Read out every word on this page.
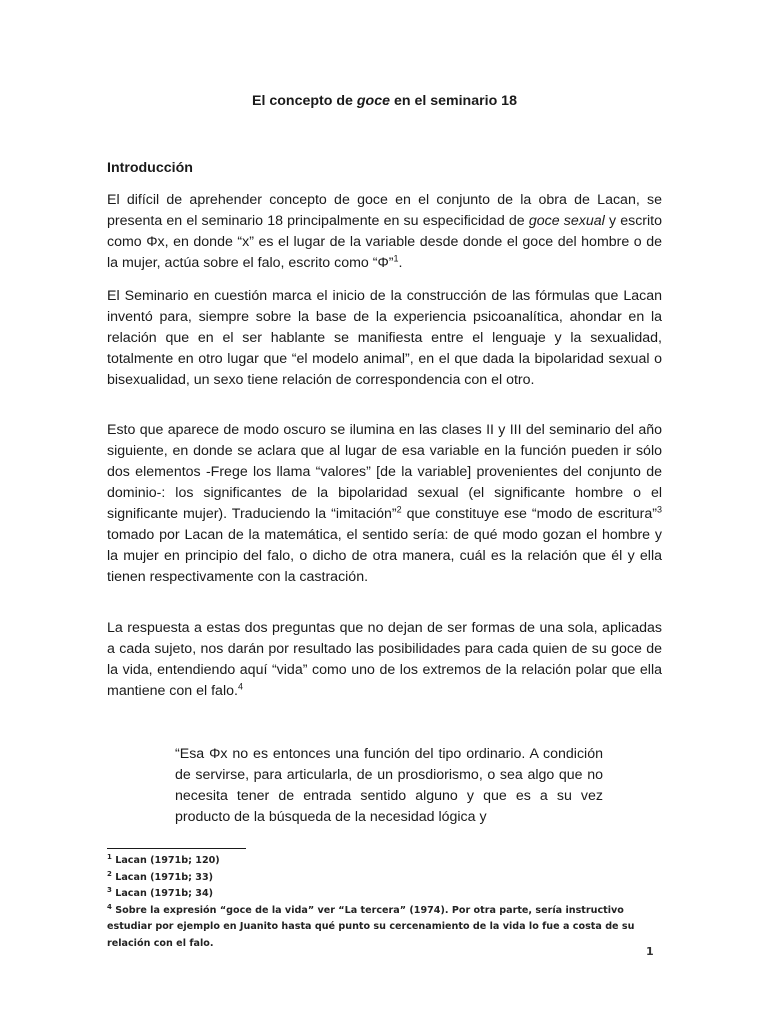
El concepto de goce en el seminario 18
Introducción

El difícil de aprehender concepto de goce en el conjunto de la obra de Lacan, se presenta en el seminario 18 principalmente en su especificidad de goce sexual y escrito como Φx, en donde “x” es el lugar de la variable desde donde el goce del hombre o de la mujer, actúa sobre el falo, escrito como “Φ”$^1$.

El Seminario en cuestión marca el inicio de la construcción de las fórmulas que Lacan inventó para, siempre sobre la base de la experiencia psicoanalítica, ahondar en la relación que en el ser hablante se manifiesta entre el lenguaje y la sexualidad, totalmente en otro lugar que “el modelo animal”, en el que dada la bipolaridad sexual o bisexualidad, un sexo tiene relación de correspondencia con el otro.

Esto que aparece de modo oscuro se ilumina en las clases II y III del seminario del año siguiente, en donde se aclara que al lugar de esa variable en la función pueden ir sólo dos elementos -Frege los llama “valores” [de la variable] provenientes del conjunto de dominio-: los significantes de la bipolaridad sexual (el significante hombre o el significante mujer). Traduciendo la “imitación”$^2$ que constituye ese “modo de escritura”$^3$ tomado por Lacan de la matemática, el sentido sería: de qué modo gozan el hombre y la mujer en principio del falo, o dicho de otra manera, cuál es la relación que él y ella tienen respectivamente con la castración.

La respuesta a estas dos preguntas que no dejan de ser formas de una sola, aplicadas a cada sujeto, nos darán por resultado las posibilidades para cada quien de su goce de la vida, entendiendo aquí “vida” como uno de los extremos de la relación polar que ella mantiene con el falo.$^4$

“Esa Φx no es entonces una función del tipo ordinario. A condición de servirse, para articularla, de un prosdiorismo, o sea algo que no necesita tener de entrada sentido alguno y que es a su vez producto de la búsqueda de la necesidad lógica y

$^1$ Lacan (1971b; 120)

$^2$ Lacan (1971b; 33)

$^3$ Lacan (1971b; 34)

$^4$ Sobre la expresión “goce de la vida” ver “La tercera” (1974). Por otra parte, sería instructivo estudiar por ejemplo en Juanito hasta qué punto su cercenamiento de la vida lo fue a costa de su relación con el falo.

1
